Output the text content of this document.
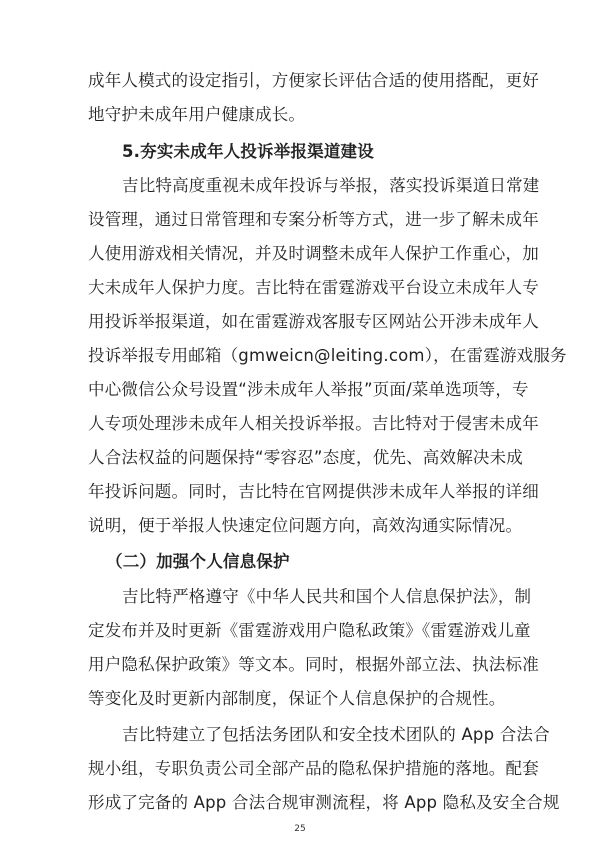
成年人模式的设定指引，方便家长评估合适的使用搭配，更好
地守护未成年用户健康成长。
5.夯实未成年人投诉举报渠道建设
吉比特高度重视未成年投诉与举报，落实投诉渠道日常建
设管理，通过日常管理和专案分析等方式，进一步了解未成年
人使用游戏相关情况，并及时调整未成年人保护工作重心，加
大未成年人保护力度。吉比特在雷霆游戏平台设立未成年人专
用投诉举报渠道，如在雷霆游戏客服专区网站公开涉未成年人
投诉举报专用邮箱（gmweicn@leiting.com），在雷霆游戏服务
中心微信公众号设置“涉未成年人举报”页面/菜单选项等，专
人专项处理涉未成年人相关投诉举报。吉比特对于侵害未成年
人合法权益的问题保持“零容忍”态度，优先、高效解决未成
年投诉问题。同时，吉比特在官网提供涉未成年人举报的详细
说明，便于举报人快速定位问题方向，高效沟通实际情况。
（二）加强个人信息保护
吉比特严格遵守《中华人民共和国个人信息保护法》，制
定发布并及时更新《雷霆游戏用户隐私政策》《雷霆游戏儿童
用户隐私保护政策》等文本。同时，根据外部立法、执法标准
等变化及时更新内部制度，保证个人信息保护的合规性。
吉比特建立了包括法务团队和安全技术团队的 App 合法合
规小组，专职负责公司全部产品的隐私保护措施的落地。配套
形成了完备的 App 合法合规审测流程，将 App 隐私及安全合规
25
